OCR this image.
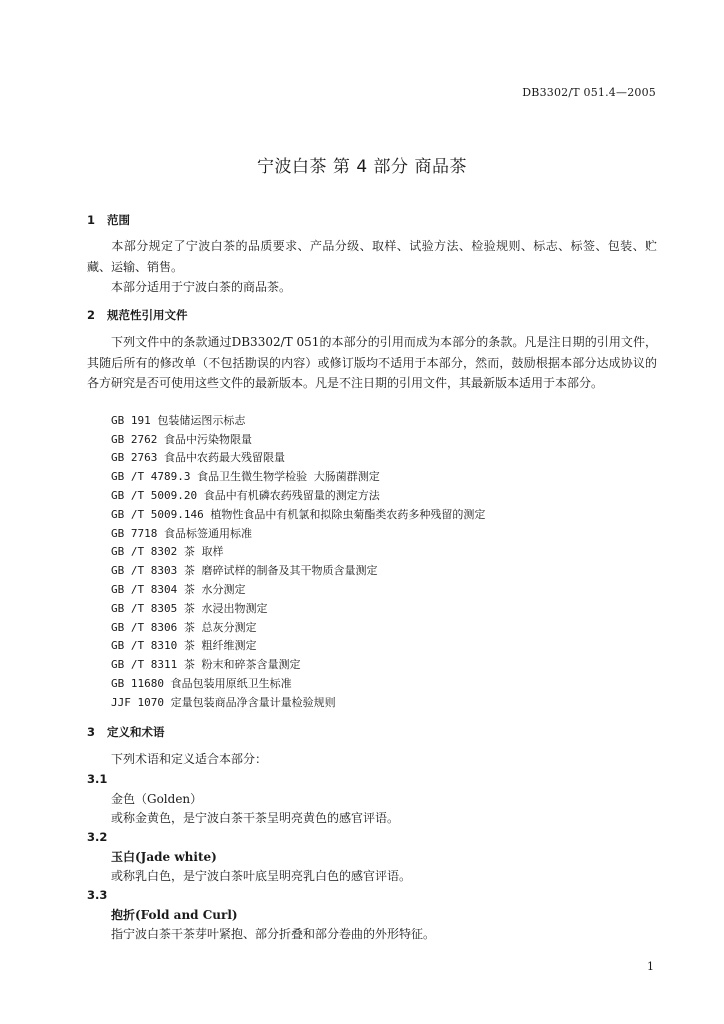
DB3302/T 051.4—2005
宁波白茶 第 4 部分 商品茶
1 范围
本部分规定了宁波白茶的品质要求、产品分级、取样、试验方法、检验规则、标志、标签、包装、贮藏、运输、销售。
本部分适用于宁波白茶的商品茶。
2 规范性引用文件
下列文件中的条款通过DB3302/T 051的本部分的引用而成为本部分的条款。凡是注日期的引用文件，其随后所有的修改单（不包括勘误的内容）或修订版均不适用于本部分，然而，鼓励根据本部分达成协议的各方研究是否可使用这些文件的最新版本。凡是不注日期的引用文件，其最新版本适用于本部分。
GB 191 包装储运图示标志
GB 2762 食品中污染物限量
GB 2763 食品中农药最大残留限量
GB /T 4789.3 食品卫生微生物学检验 大肠菌群测定
GB /T 5009.20 食品中有机磷农药残留量的测定方法
GB /T 5009.146 植物性食品中有机氯和拟除虫菊酯类农药多种残留的测定
GB 7718 食品标签通用标准
GB /T 8302 茶 取样
GB /T 8303 茶 磨碎试样的制备及其干物质含量测定
GB /T 8304 茶 水分测定
GB /T 8305 茶 水浸出物测定
GB /T 8306 茶 总灰分测定
GB /T 8310 茶 粗纤维测定
GB /T 8311 茶 粉末和碎茶含量测定
GB 11680 食品包装用原纸卫生标准
JJF 1070 定量包装商品净含量计量检验规则
3 定义和术语
下列术语和定义适合本部分：
3.1
金色（Golden）
或称金黄色，是宁波白茶干茶呈明亮黄色的感官评语。
3.2
玉白(Jade white)
或称乳白色，是宁波白茶叶底呈明亮乳白色的感官评语。
3.3
抱折(Fold and Curl)
指宁波白茶干茶芽叶紧抱、部分折叠和部分卷曲的外形特征。
1
